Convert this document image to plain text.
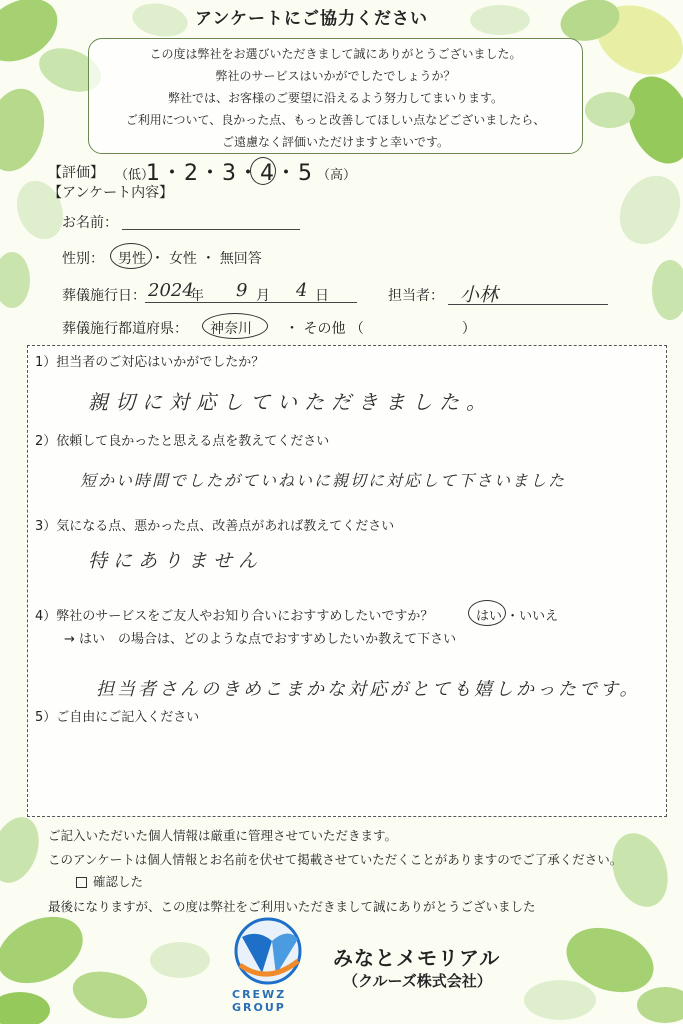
アンケートにご協力ください
この度は弊社をお選びいただきまして誠にありがとうございました。
弊社のサービスはいかがでしたでしょうか？
弊社では、お客様のご要望に沿えるよう努力してまいります。
ご利用について、良かった点、もっと改善してほしい点などございましたら、
ご遠慮なく評価いただけますと幸いです。
【評価】 （低）
1・2・3・4・5 （高）
【アンケート内容】
お名前：
性別： 男性 ・ 女性 ・ 無回答
葬儀施行日： 2024
年 9 月 4 日	担当者： 小林
葬儀施行都道府県： 神奈川 ・ その他 （　　　　　　　）
1）担当者のご対応はいかがでしたか？
親切に対応していただきました。
2）依頼して良かったと思える点を教えてください
短かい時間でしたがていねいに親切に対応して下さいました
3）気になる点、悪かった点、改善点があれば教えてください
特にありません
4）弊社のサービスをご友人やお知り合いにおすすめしたいですか？	はい ・いいえ
→ はい　の場合は、どのような点でおすすめしたいか教えて下さい
担当者さんのきめこまかな対応がとても嬉しかったです。
5）ご自由にご記入ください
ご記入いただいた個人情報は厳重に管理させていただきます。
このアンケートは個人情報とお名前を伏せて掲載させていただくことがありますのでご了承ください。
確認した
最後になりますが、この度は弊社をご利用いただきまして誠にありがとうございました
CREWZ
GROUP
みなとメモリアル
（クルーズ株式会社）
